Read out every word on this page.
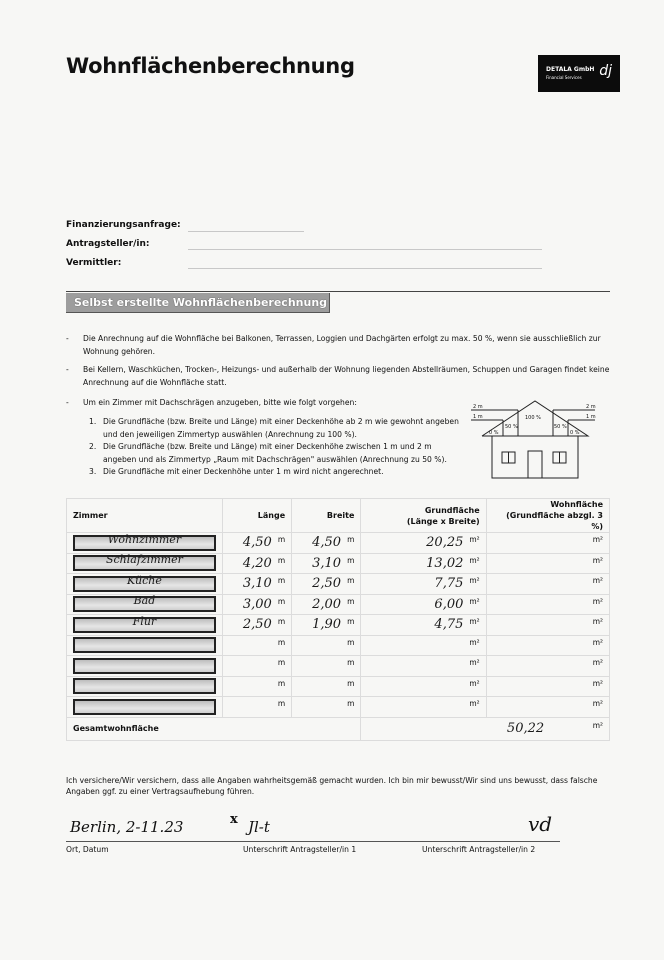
Wohnflächenberechnung	DETALA GmbH
Financial Services dj
Finanzierungsanfrage:
Antragsteller/in:
Vermittler:
Selbst erstellte Wohnflächenberechnung
- Die Anrechnung auf die Wohnfläche bei Balkonen, Terrassen, Loggien und Dachgärten erfolgt zu max. 50 %, wenn sie ausschließlich zur Wohnung gehören.
- Bei Kellern, Waschküchen, Trocken-, Heizungs- und außerhalb der Wohnung liegenden Abstellräumen, Schuppen und Garagen findet keine Anrechnung auf die Wohnfläche statt.
- Um ein Zimmer mit Dachschrägen anzugeben, bitte wie folgt vorgehen:
1. Die Grundfläche (bzw. Breite und Länge) mit einer Deckenhöhe ab 2 m wie gewohnt angeben und den jeweiligen Zimmertyp auswählen (Anrechnung zu 100 %).
2. Die Grundfläche (bzw. Breite und Länge) mit einer Deckenhöhe zwischen 1 m und 2 m angeben und als Zimmertyp „Raum mit Dachschrägen" auswählen (Anrechnung zu 50 %).
3. Die Grundfläche mit einer Deckenhöhe unter 1 m wird nicht angerechnet.
2 m
1 m
2 m
1 m
100 %
50 %	50 %
0 %	0 %
Zimmer	Länge	Breite	Grundfläche
(Länge x Breite)	Wohnfläche
(Grundfläche abzgl. 3 %)

Wohnzimmer	4,50 m	4,50 m	20,25 m²	m²

Schlafzimmer	4,20 m	3,10 m	13,02 m²	m²

Küche	3,10 m	2,50 m	7,75 m²	m²

Bad	3,00 m	2,00 m	6,00 m²	m²

Flur	2,50 m	1,90 m	4,75 m²	m²

	m	m	m²	m²

	m	m	m²	m²

	m	m	m²	m²

	m	m	m²	m²
Gesamtwohnfläche			50,22 m²	
Ich versichere/Wir versichern, dass alle Angaben wahrheitsgemäß gemacht wurden. Ich bin mir bewusst/Wir sind uns bewusst, dass falsche Angaben ggf. zu einer Vertragsaufhebung führen.
Berlin, 2-11.23	x Jl-t	vd
Ort, Datum	Unterschrift Antragsteller/in 1	Unterschrift Antragsteller/in 2
